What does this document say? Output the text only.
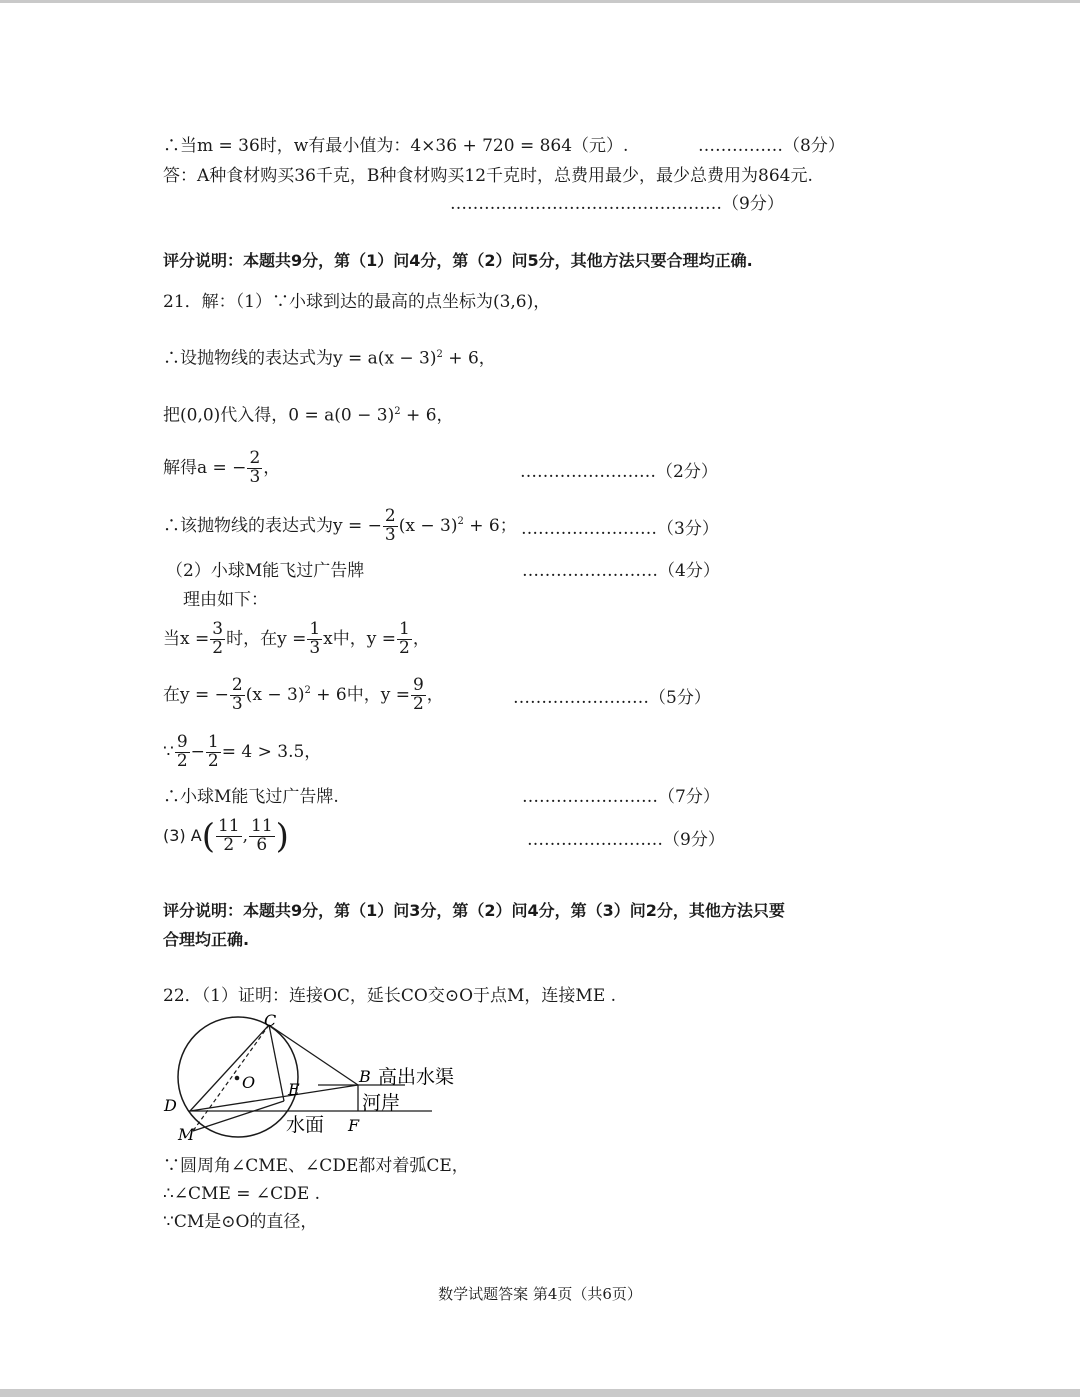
∴当m = 36时，w有最小值为：4×36 + 720 = 864（元）.	……………（8分）
答：A种食材购买36千克，B种食材购买12千克时，总费用最少，最少总费用为864元.
…………………………………………（9分）
评分说明：本题共9分，第（1）问4分，第（2）问5分，其他方法只要合理均正确.
21．解：（1）∵小球到达的最高的点坐标为(3,6)，
∴设抛物线的表达式为$y = a(x - 3)^2 + 6$，
把(0,0)代入得，$0 = a(0 - 3)^2 + 6$，
解得a = − $\frac{2}{3}$ ，	……………………（2分）
∴该抛物线的表达式为y = − $\frac{2}{3} (x - 3)^2 + 6$； ……………………（3分）
（2）小球M能飞过广告牌	……………………（4分）
理由如下：
当$x = \frac{3}{2}$ 时，在$y = \frac{1}{3}$ x中，$y = \frac{1}{2}$ ，
在y = − $\frac{2}{3} (x - 3)^2 + 6$中，$y = \frac{9}{2}$ ，	……………………（5分）
∵ $\frac{9}{2} - \frac{1}{2} = 4 > 3.5$，
∴小球M能飞过广告牌.	……………………（7分）
(3) $A( \frac{11}{2}$ , $\frac{11}{6}$ )	……………………（9分）
评分说明：本题共9分，第（1）问3分，第（2）问4分，第（3）问2分，其他方法只要
合理均正确.
22．（1）证明：连接OC，延长CO交⊙O于点M，连接ME .
C
O E
B
D
M	F
高出水渠
河岸
水面
∵圆周角∠CME、∠CDE都对着弧CE，
∴∠CME = ∠CDE .
∵CM是⊙O的直径，
数学试题答案 第4页（共6页）
